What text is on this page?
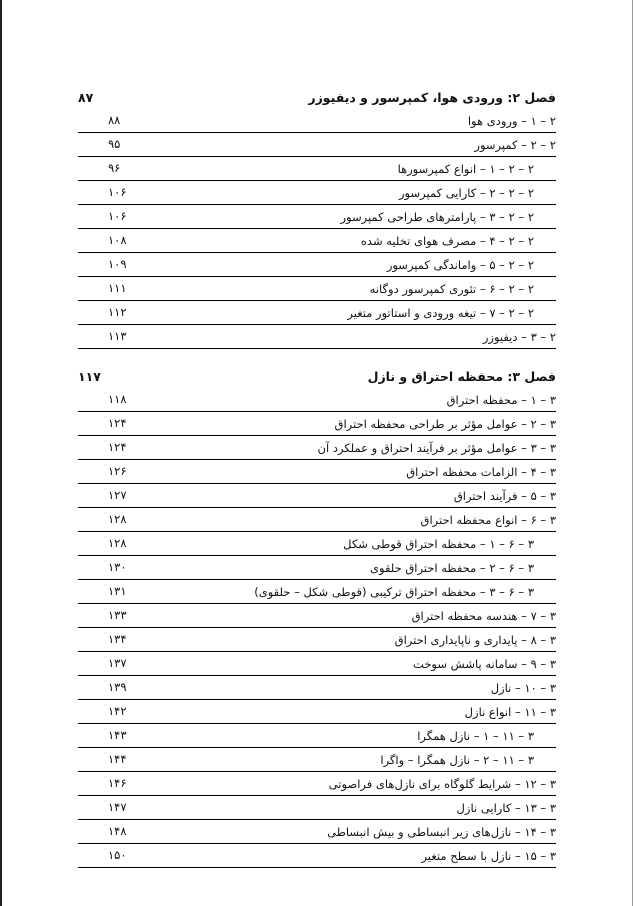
فصل ۲: ورودی هوا، کمپرسور و دیفیوزر
۸۷
۲ – ۱ – ورودی هوا
۸۸
۲ – ۲ – کمپرسور
۹۵
۲ – ۲ – ۱ – انواع کمپرسورها
۹۶
۲ – ۲ – ۲ – کارایی کمپرسور
۱۰۶
۲ – ۲ – ۳ – پارامترهای طراحی کمپرسور
۱۰۶
۲ – ۲ – ۴ – مصرف هوای تخلیه شده
۱۰۸
۲ – ۲ – ۵ – واماندگی کمپرسور
۱۰۹
۲ – ۲ – ۶ – تئوری کمپرسور دوگانه
۱۱۱
۲ – ۲ – ۷ – تیغه ورودی و استاتور متغیر
۱۱۲
۲ – ۳ – دیفیوزر
۱۱۳
فصل ۳: محفظه احتراق و نازل
۱۱۷
۳ – ۱ – محفظه احتراق
۱۱۸
۳ – ۲ – عوامل مؤثر بر طراحی محفظه احتراق
۱۲۴
۳ – ۳ – عوامل مؤثر بر فرآیند احتراق و عملکرد آن
۱۲۴
۳ – ۴ – الزامات محفظه احتراق
۱۲۶
۳ – ۵ – فرآیند احتراق
۱۲۷
۳ – ۶ – انواع محفظه احتراق
۱۲۸
۳ – ۶ – ۱ – محفظه احتراق قوطی شکل
۱۲۸
۳ – ۶ – ۲ – محفظه احتراق حلقوی
۱۳۰
۳ – ۶ – ۳ – محفظه احتراق ترکیبی (قوطی شکل – حلقوی)
۱۳۱
۳ – ۷ – هندسه محفظه احتراق
۱۳۳
۳ – ۸ – پایداری و ناپایداری احتراق
۱۳۴
۳ – ۹ – سامانه پاشش سوخت
۱۳۷
۳ – ۱۰ – نازل
۱۳۹
۳ – ۱۱ – انواع نازل
۱۴۲
۳ – ۱۱ – ۱ – نازل همگرا
۱۴۳
۳ – ۱۱ – ۲ – نازل همگرا – واگرا
۱۴۴
۳ – ۱۲ – شرایط گلوگاه برای نازل‌های فراصوتی
۱۴۶
۳ – ۱۳ – کارایی نازل
۱۴۷
۳ – ۱۴ – نازل‌های زیر انبساطی و بیش انبساطی
۱۴۸
۳ – ۱۵ – نازل با سطح متغیر
۱۵۰
